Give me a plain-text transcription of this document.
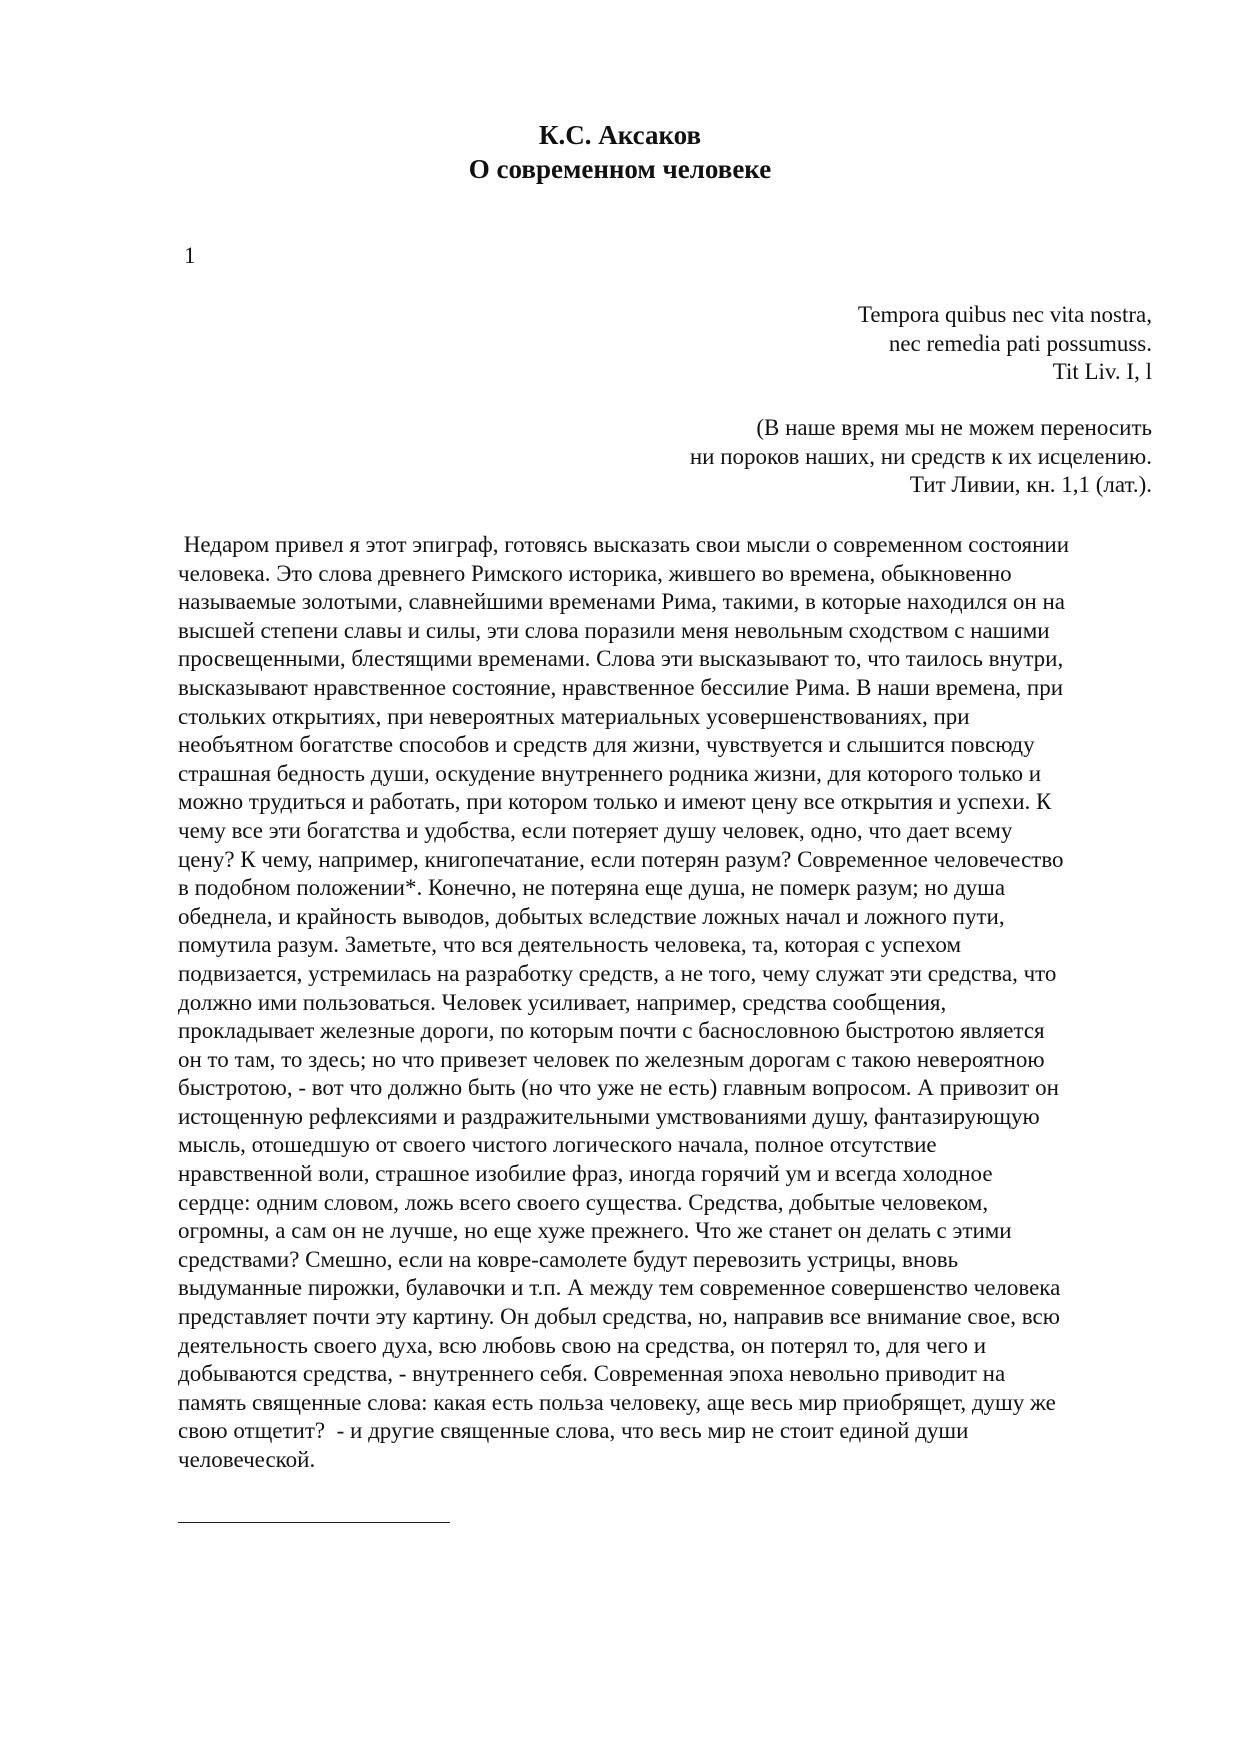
К.С. Аксаков
О современном человеке
1
Tempora quibus nec vita nostra,
nec remedia pati possumuss.
Tit Liv. I, l
(В наше время мы не можем переносить
ни пороков наших, ни средств к их исцелению.
Тит Ливии, кн. 1,1 (лат.).
Недаром привел я этот эпиграф, готовясь высказать свои мысли о современном состоянии
человека. Это слова древнего Римского историка, жившего во времена, обыкновенно
называемые золотыми, славнейшими временами Рима, такими, в которые находился он на
высшей степени славы и силы, эти слова поразили меня невольным сходством с нашими
просвещенными, блестящими временами. Слова эти высказывают то, что таилось внутри,
высказывают нравственное состояние, нравственное бессилие Рима. В наши времена, при
стольких открытиях, при невероятных материальных усовершенствованиях, при
необъятном богатстве способов и средств для жизни, чувствуется и слышится повсюду
страшная бедность души, оскудение внутреннего родника жизни, для которого только и
можно трудиться и работать, при котором только и имеют цену все открытия и успехи. К
чему все эти богатства и удобства, если потеряет душу человек, одно, что дает всему
цену? К чему, например, книгопечатание, если потерян разум? Современное человечество
в подобном положении*. Конечно, не потеряна еще душа, не померк разум; но душа
обеднела, и крайность выводов, добытых вследствие ложных начал и ложного пути,
помутила разум. Заметьте, что вся деятельность человека, та, которая с успехом
подвизается, устремилась на разработку средств, а не того, чему служат эти средства, что
должно ими пользоваться. Человек усиливает, например, средства сообщения,
прокладывает железные дороги, по которым почти с баснословною быстротою является
он то там, то здесь; но что привезет человек по железным дорогам с такою невероятною
быстротою, - вот что должно быть (но что уже не есть) главным вопросом. А привозит он
истощенную рефлексиями и раздражительными умствованиями душу, фантазирующую
мысль, отошедшую от своего чистого логического начала, полное отсутствие
нравственной воли, страшное изобилие фраз, иногда горячий ум и всегда холодное
сердце: одним словом, ложь всего своего существа. Средства, добытые человеком,
огромны, а сам он не лучше, но еще хуже прежнего. Что же станет он делать с этими
средствами? Смешно, если на ковре-самолете будут перевозить устрицы, вновь
выдуманные пирожки, булавочки и т.п. А между тем современное совершенство человека
представляет почти эту картину. Он добыл средства, но, направив все внимание свое, всю
деятельность своего духа, всю любовь свою на средства, он потерял то, для чего и
добываются средства, - внутреннего себя. Современная эпоха невольно приводит на
память священные слова: какая есть польза человеку, аще весь мир приобрящет, душу же
свою отщетит?  - и другие священные слова, что весь мир не стоит единой души
человеческой.
